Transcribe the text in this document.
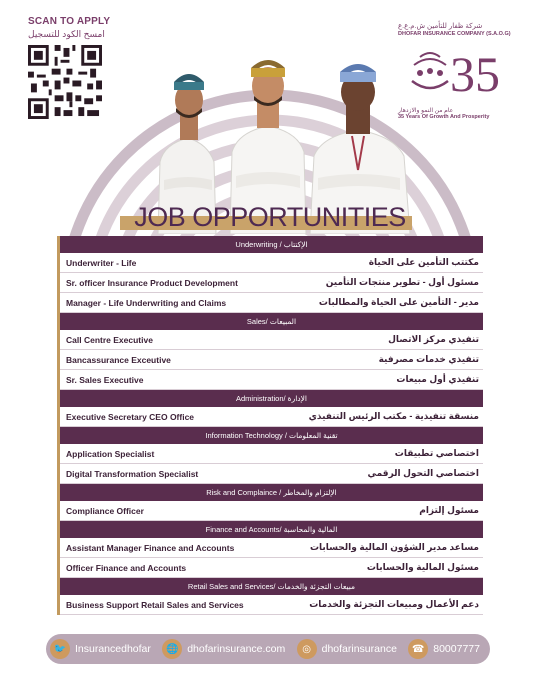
SCAN TO APPLY
امسح الكود للتسجيل
شركة ظفار للتأمين ش.م.ع.ع
DHOFAR INSURANCE COMPANY (S.A.O.G)
35
عام من النمو والازدهار
35 Years Of Growth And Prosperity
JOB OPPORTUNITIES
Underwriting / الإكتتاب
Underwriter - Life	مكتتب التأمين على الحياة
Sr. officer Insurance Product Development	مسئول أول - تطوير منتجات التأمين
Manager - Life Underwriting and Claims	مدير - التأمين على الحياة والمطالبات
Sales/ المبيعات
Call Centre Executive	تنفيذي مركز الاتصال
Bancassurance Exceutive	تنفيذي خدمات مصرفية
Sr. Sales Executive	تنفيذي أول مبيعات
Administration/ الإدارة
Executive Secretary CEO Office	منسقة تنفيذية - مكتب الرئيس التنفيذي
Information Technology / تقنية المعلومات
Application Specialist	اختصاصي تطبيقات
Digital Transformation Specialist	اختصاصي التحول الرقمي
Risk and Complaince / الإلتزام والمخاطر
Compliance Officer	مسئول إلتزام
Finance and Accounts/ المالية والمحاسبة
Assistant Manager Finance and Accounts	مساعد مدير الشؤون المالية والحسابات
Officer Finance and Accounts	مسئول المالية والحسابات
Retail Sales and Services/ مبيعات التجزئة والخدمات
Business Support Retail Sales and Services	دعم الأعمال ومبيعات التجزئة والخدمات
🐦 Insurancedhofar	🌐 dhofarinsurance.com	◎	dhofarinsurance	☎ 80007777
